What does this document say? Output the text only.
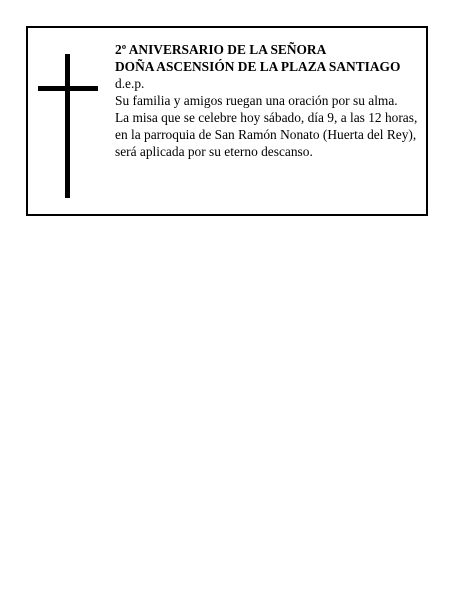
2º ANIVERSARIO DE LA SEÑORA
DOÑA ASCENSIÓN DE LA PLAZA SANTIAGO
d.e.p.
Su familia y amigos ruegan una oración por su alma.
La misa que se celebre hoy sábado, día 9, a las 12 horas, en la parroquia de San Ramón Nonato (Huerta del Rey), será aplicada por su eterno descanso.
